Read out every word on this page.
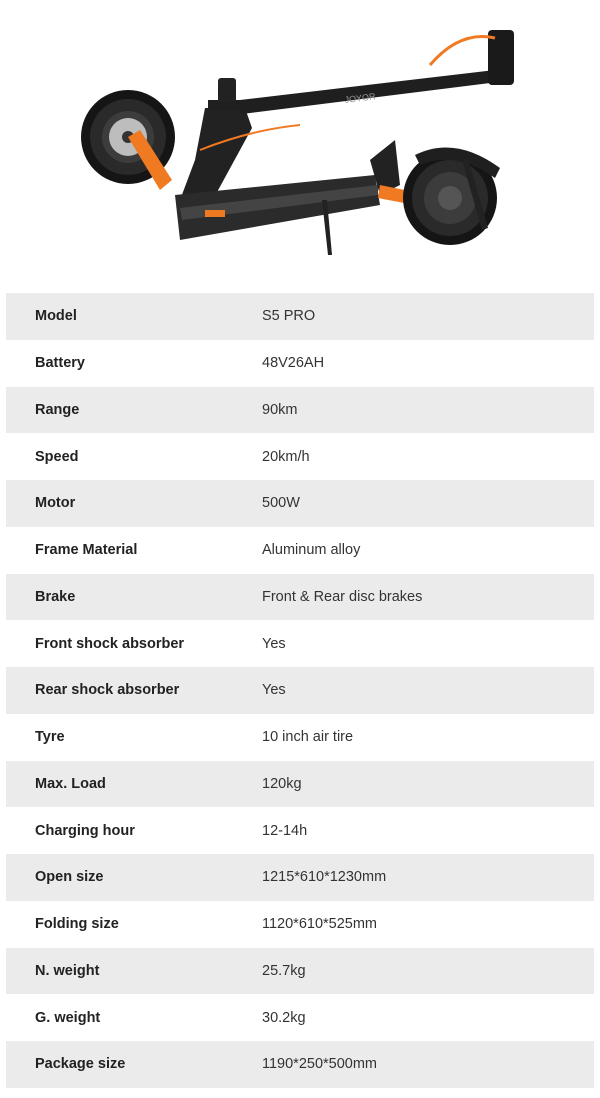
JOYOR
Model	S5 PRO
Battery	48V26AH
Range	90km
Speed	20km/h
Motor	500W
Frame Material	Aluminum alloy
Brake	Front & Rear disc brakes
Front shock absorber	Yes
Rear shock absorber	Yes
Tyre	10 inch air tire
Max. Load	120kg
Charging hour	12-14h
Open size	1215*610*1230mm
Folding size	1120*610*525mm
N. weight	25.7kg
G. weight	30.2kg
Package size	1190*250*500mm
